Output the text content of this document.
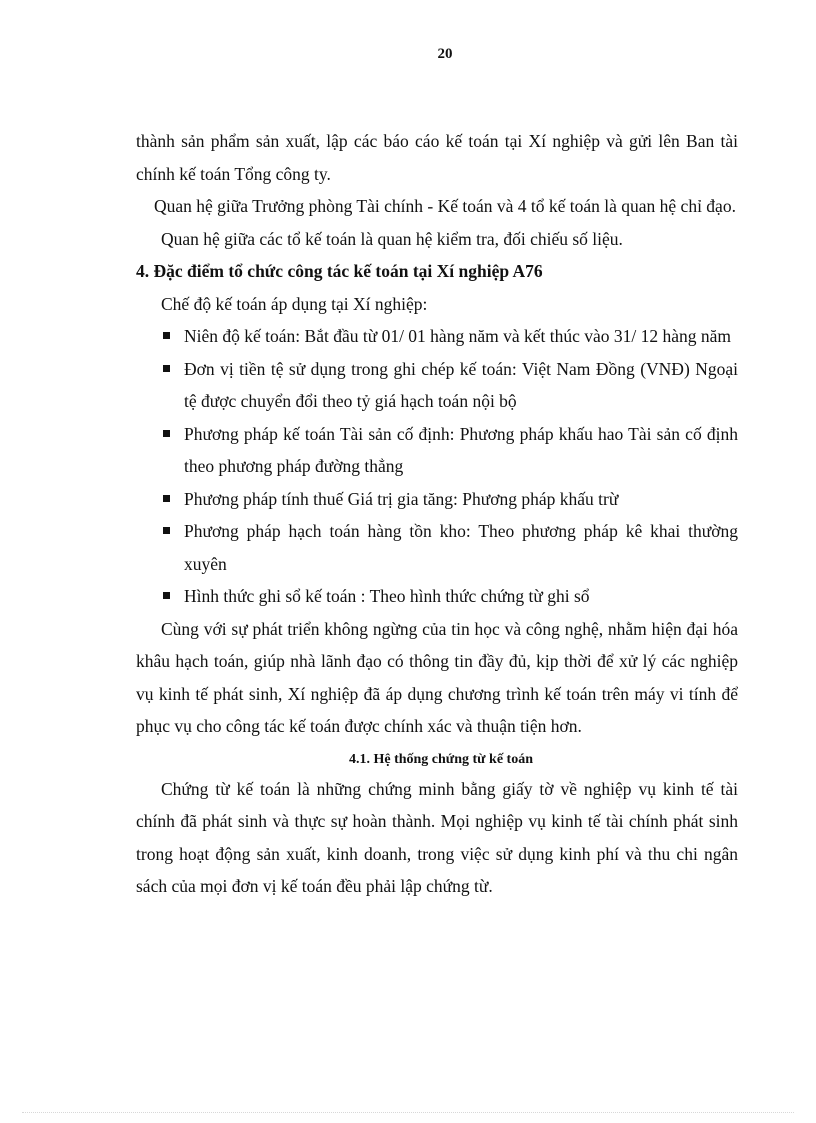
20

thành sản phẩm sản xuất, lập các báo cáo kế toán tại Xí nghiệp và gửi lên Ban tài chính kế toán Tổng công ty.

Quan hệ giữa Trưởng phòng Tài chính - Kế toán và 4 tổ kế toán là quan hệ chỉ đạo.

Quan hệ giữa các tổ kế toán là quan hệ kiểm tra, đối chiếu số liệu.

4. Đặc điểm tổ chức công tác kế toán tại Xí nghiệp A76

Chế độ kế toán áp dụng tại Xí nghiệp:

Niên độ kế toán: Bắt đầu từ 01/ 01 hàng năm và kết thúc vào 31/ 12 hàng năm
Đơn vị tiền tệ sử dụng trong ghi chép kế toán: Việt Nam Đồng (VNĐ) Ngoại tệ được chuyển đổi theo tỷ giá hạch toán nội bộ
Phương pháp kế toán Tài sản cố định: Phương pháp khấu hao Tài sản cố định theo phương pháp đường thẳng
Phương pháp tính thuế Giá trị gia tăng: Phương pháp khấu trừ
Phương pháp hạch toán hàng tồn kho: Theo phương pháp kê khai thường xuyên
Hình thức ghi sổ kế toán : Theo hình thức chứng từ ghi sổ

Cùng với sự phát triển không ngừng của tin học và công nghệ, nhằm hiện đại hóa khâu hạch toán, giúp nhà lãnh đạo có thông tin đầy đủ, kịp thời để xử lý các nghiệp vụ kinh tế phát sinh, Xí nghiệp đã áp dụng chương trình kế toán trên máy vi tính để phục vụ cho công tác kế toán được chính xác và thuận tiện hơn.

4.1. Hệ thống chứng từ kế toán

Chứng từ kế toán là những chứng minh bằng giấy tờ về nghiệp vụ kinh tế tài chính đã phát sinh và thực sự hoàn thành. Mọi nghiệp vụ kinh tế tài chính phát sinh trong hoạt động sản xuất, kinh doanh, trong việc sử dụng kinh phí và thu chi ngân sách của mọi đơn vị kế toán đều phải lập chứng từ.
